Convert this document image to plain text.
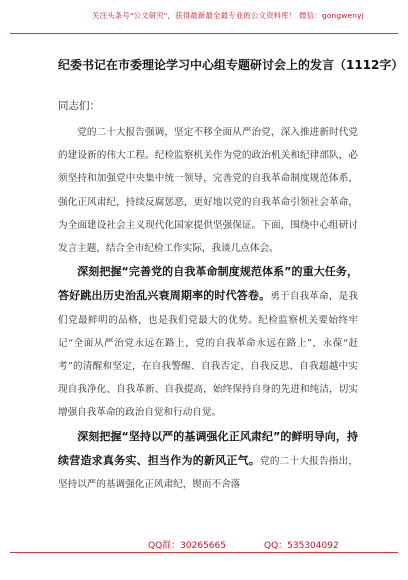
关注头条号"公文研究"，获得最新最全最专业的公文资料库！ 微信：gongwenyj
纪委书记在市委理论学习中心组专题研讨会上的发言（1112字）
同志们：

党的二十大报告强调，坚定不移全面从严治党，深入推进新时代党的建设新的伟大工程。纪检监察机关作为党的政治机关和纪律部队，必须坚持和加强党中央集中统一领导，完善党的自我革命制度规范体系，强化正风肃纪，持续反腐惩恶，更好地以党的自我革命引领社会革命，为全面建设社会主义现代化国家提供坚强保证。下面，围绕中心组研讨发言主题，结合全市纪检工作实际，我谈几点体会。

深刻把握“完善党的自我革命制度规范体系”的重大任务，答好跳出历史治乱兴衰周期率的时代答卷。勇于自我革命，是我们党最鲜明的品格，也是我们党最大的优势。纪检监察机关要始终牢记“全面从严治党永远在路上，党的自我革命永远在路上”，永葆“赶考”的清醒和坚定，在自我警醒、自我否定、自我反思、自我超越中实现自我净化、自我革新、自我提高，始终保持自身的先进和纯洁，切实增强自我革命的政治自觉和行动自觉。

深刻把握“坚持以严的基调强化正风肃纪”的鲜明导向，持续营造求真务实、担当作为的新风正气。党的二十大报告指出，坚持以严的基调强化正风肃纪，锲而不舍落

QQ群：30265665	QQ：535304092
